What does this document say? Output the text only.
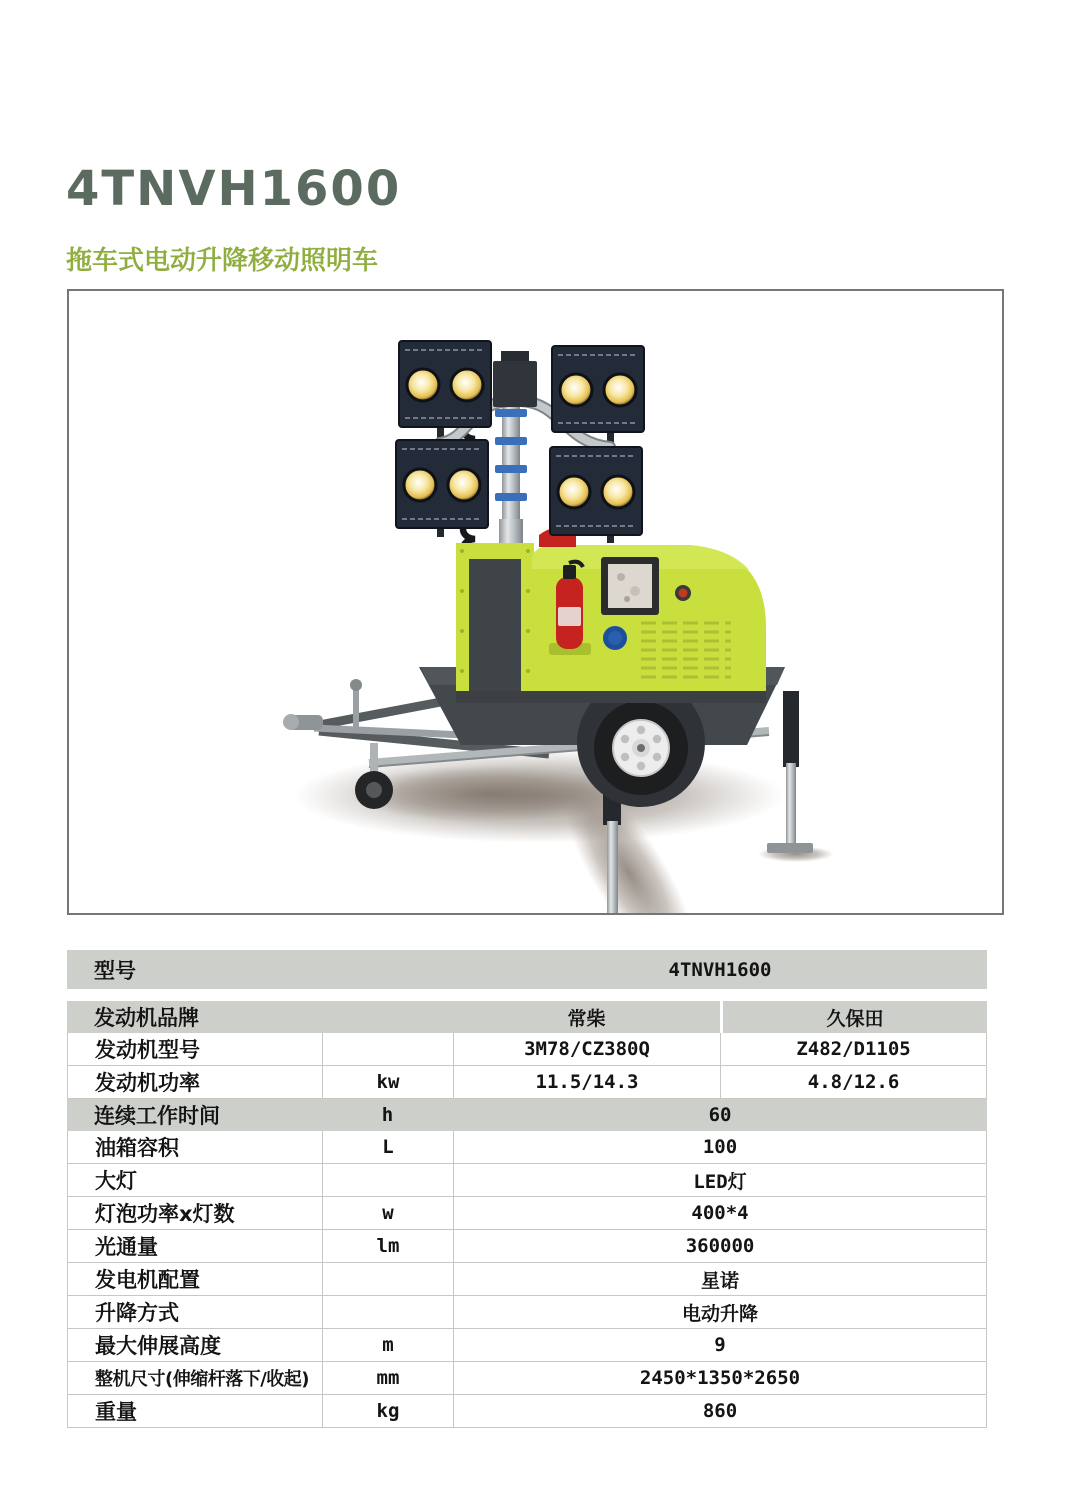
4TNVH1600
拖车式电动升降移动照明车
型号		4TNVH1600	

发动机品牌		常柴	久保田
发动机型号		3M78/CZ380Q	Z482/D1105
发动机功率	kw	11.5/14.3	4.8/12.6
连续工作时间	h	60	
油箱容积	L	100	
大灯		LED灯	
灯泡功率x灯数	w	400*4	
光通量	lm	360000	
发电机配置		星诺	
升降方式		电动升降	
最大伸展高度	m	9	
整机尺寸(伸缩杆落下/收起)	mm	2450*1350*2650	
重量	kg	860	
